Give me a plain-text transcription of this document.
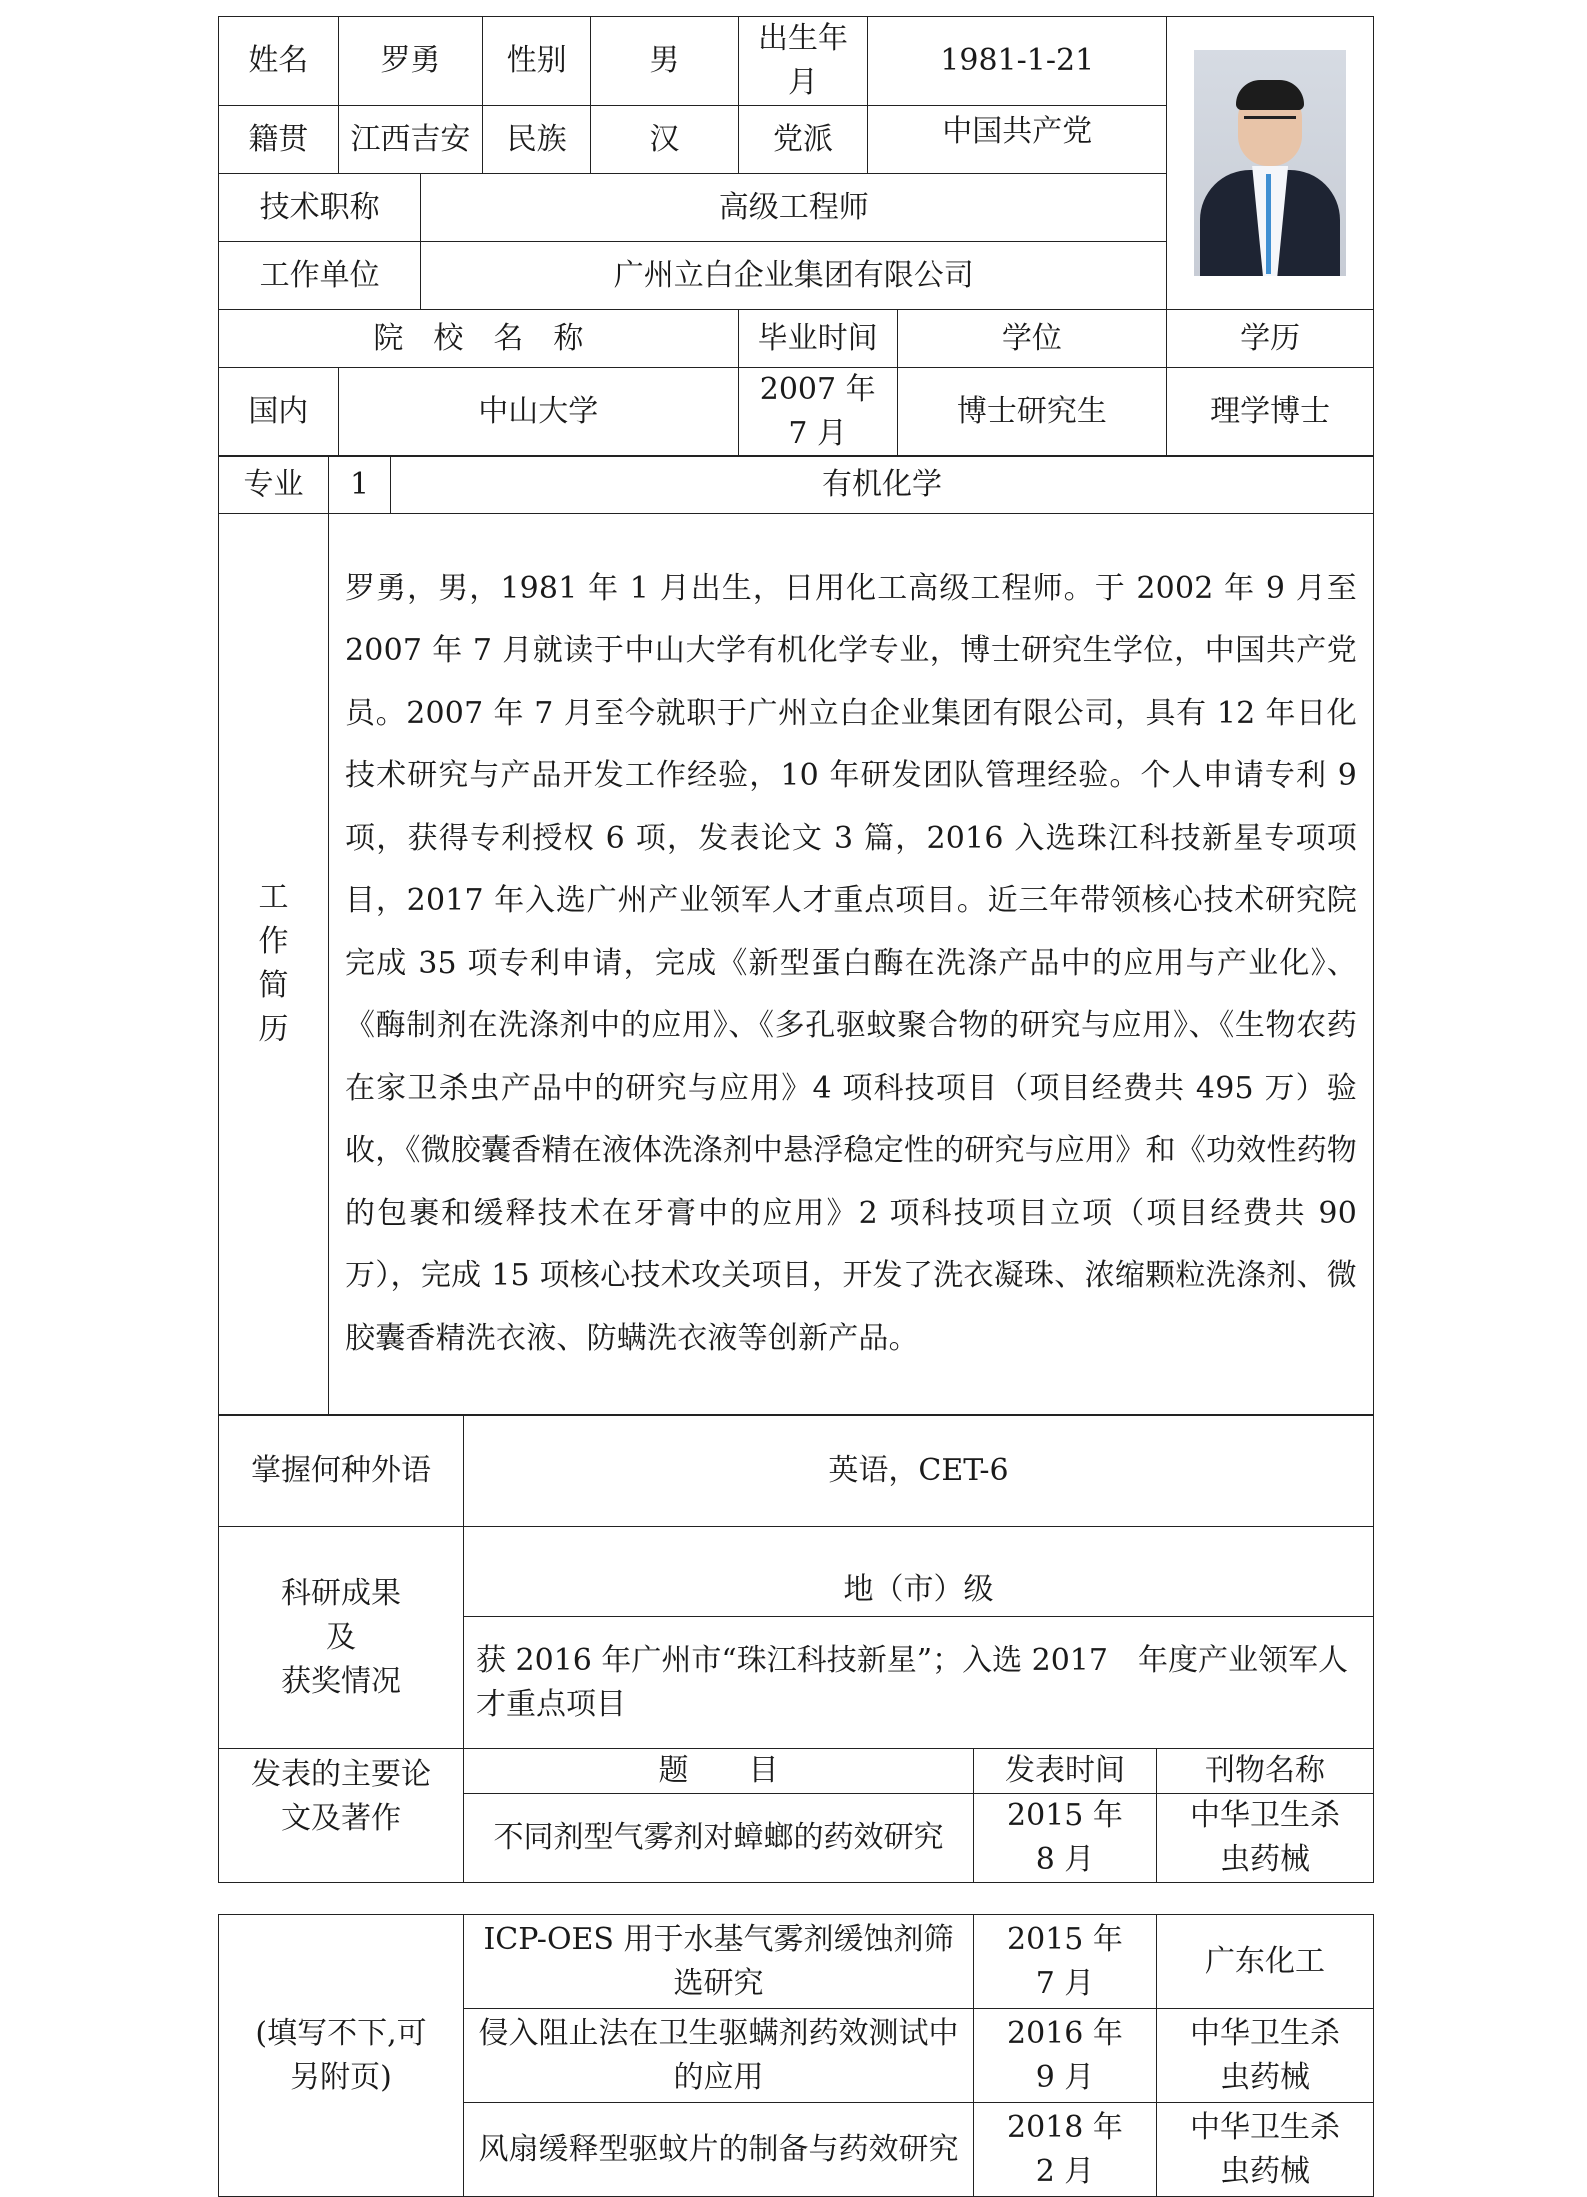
姓名	罗勇		性别	男	出生年月	1981-1-21		

籍贯	江西吉安		民族	汉	党派	中国共产党		
技术职称		高级工程师						
工作单位		广州立白企业集团有限公司						
院　校　名　称					毕业时间		学位	学历
国内	中山大学				2007 年 7 月		博士研究生	理学博士
专业	1	有机化学
工作简历
	罗勇，男，1981 年 1 月出生，日用化工高级工程师。于 2002 年 9 月至 2007 年 7 月就读于中山大学有机化学专业，博士研究生学位，中国共产党员。2007 年 7 月至今就职于广州立白企业集团有限公司，具有 12 年日化技术研究与产品开发工作经验，10 年研发团队管理经验。个人申请专利 9 项，获得专利授权 6 项，发表论文 3 篇，2016 入选珠江科技新星专项项目，2017 年入选广州产业领军人才重点项目。近三年带领核心技术研究院完成 35 项专利申请，完成《新型蛋白酶在洗涤产品中的应用与产业化》、《酶制剂在洗涤剂中的应用》、《多孔驱蚊聚合物的研究与应用》、《生物农药在家卫杀虫产品中的研究与应用》4 项科技项目（项目经费共 495 万）验收，《微胶囊香精在液体洗涤剂中悬浮稳定性的研究与应用》和《功效性药物的包裹和缓释技术在牙膏中的应用》2 项科技项目立项（项目经费共 90 万），完成 15 项核心技术攻关项目，开发了洗衣凝珠、浓缩颗粒洗涤剂、微胶囊香精洗衣液、防螨洗衣液等创新产品。
掌握何种外语	英语，CET-6		

科研成果
及
获奖情况	地（市）级		
	获 2016 年广州市“珠江科技新星”；入选 2017　年度产业领军人才重点项目		
发表的主要论文及著作	题　　目	发表时间	刊物名称
	不同剂型气雾剂对蟑螂的药效研究	2015 年 8 月	中华卫生杀虫药械
(填写不下,可另附页)	ICP-OES 用于水基气雾剂缓蚀剂筛选研究	2015 年 7 月	广东化工
	侵入阻止法在卫生驱螨剂药效测试中的应用	2016 年 9 月	中华卫生杀虫药械
	风扇缓释型驱蚊片的制备与药效研究	2018 年 2 月	中华卫生杀虫药械
